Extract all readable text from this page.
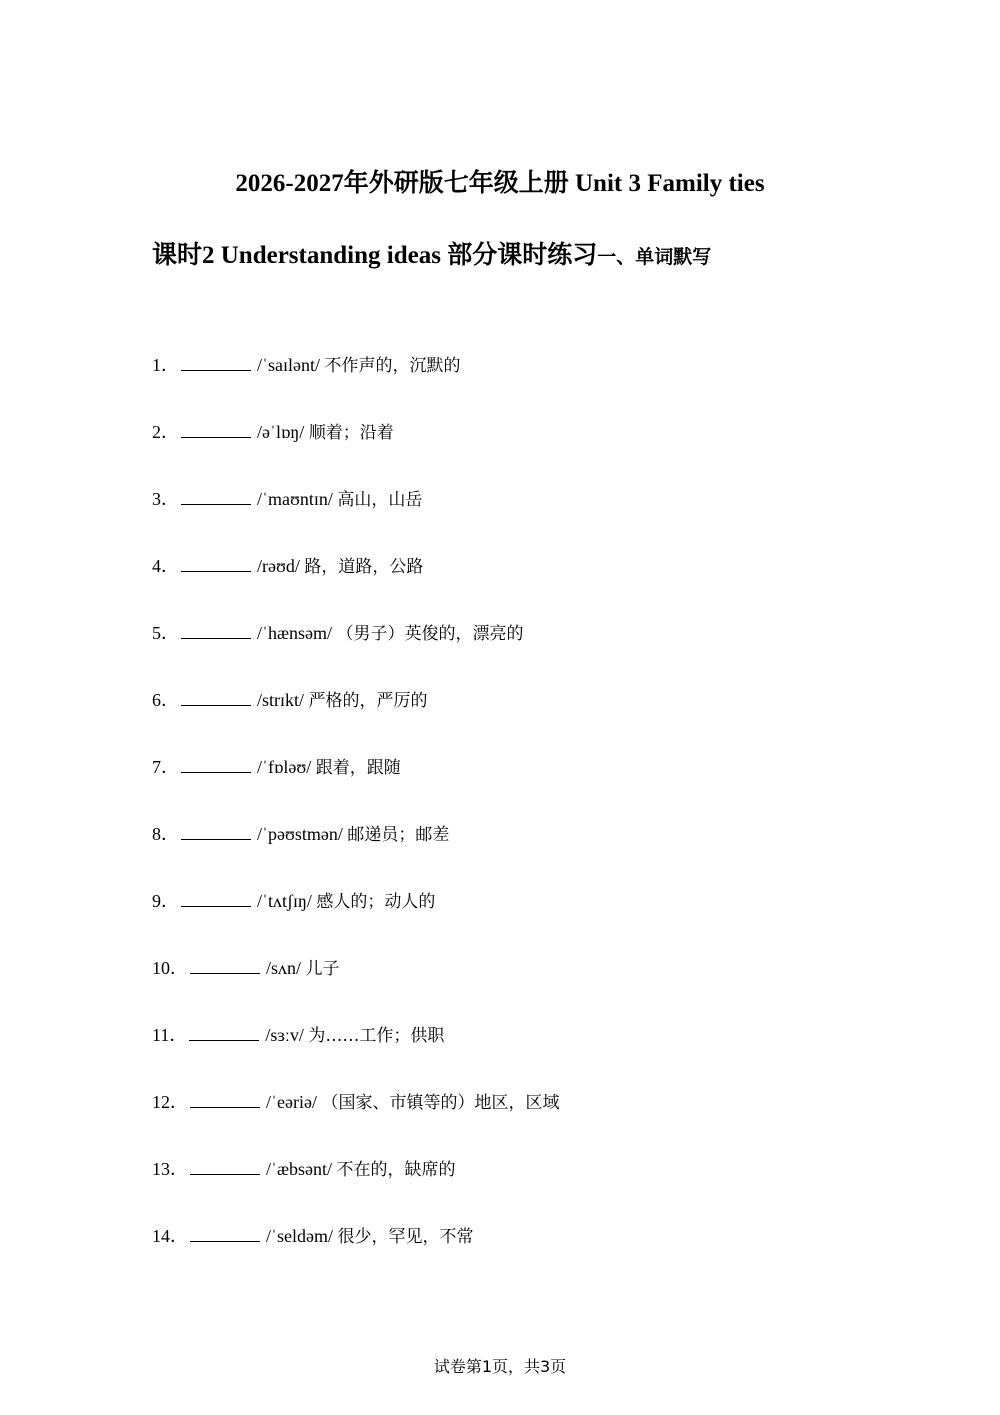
2026-2027年外研版七年级上册 Unit 3 Family ties
课时2 Understanding ideas 部分课时练习一、单词默写
1．	/ˈsaɪlənt/ 不作声的，沉默的
2．	/əˈlɒŋ/ 顺着；沿着
3．	/ˈmaʊntɪn/ 高山，山岳
4．	/rəʊd/ 路，道路，公路
5．	/ˈhænsəm/ （男子）英俊的，漂亮的
6．	/strɪkt/ 严格的，严厉的
7．	/ˈfɒləʊ/ 跟着，跟随
8．	/ˈpəʊstmən/ 邮递员；邮差
9．	/ˈtʌtʃɪŋ/ 感人的；动人的
10．	/sʌn/ 儿子
11．	/sɜːv/ 为……工作；供职
12．	/ˈeəriə/ （国家、市镇等的）地区，区域
13．	/ˈæbsənt/ 不在的，缺席的
14．	/ˈseldəm/ 很少，罕见，不常
试卷第1页，共3页
